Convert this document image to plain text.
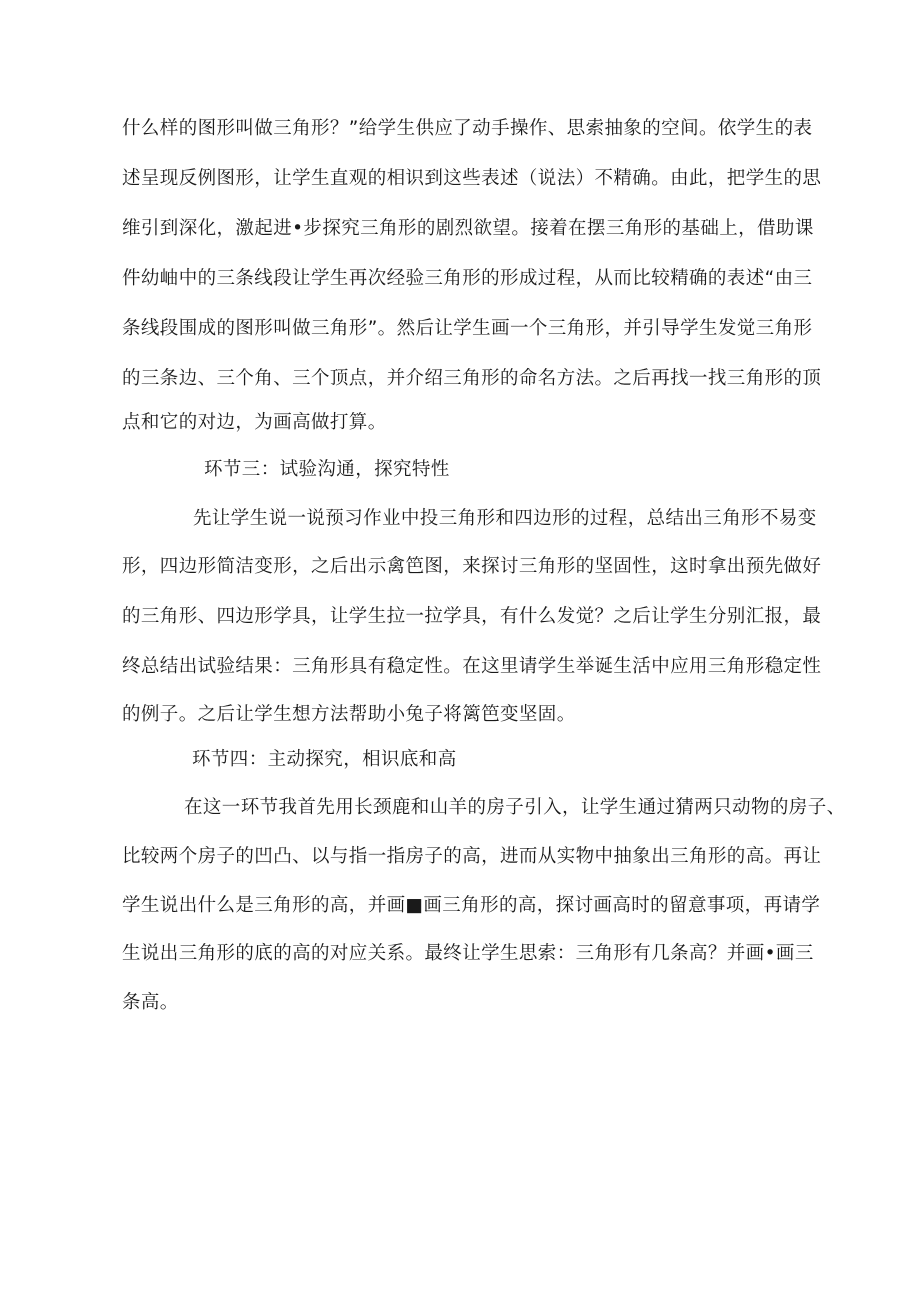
什么样的图形叫做三角形？”给学生供应了动手操作、思索抽象的空间。依学生的表
述呈现反例图形，让学生直观的相识到这些表述（说法）不精确。由此，把学生的思
维引到深化，激起进•步探究三角形的剧烈欲望。接着在摆三角形的基础上，借助课
件幼岫中的三条线段让学生再次经验三角形的形成过程，从而比较精确的表述“由三
条线段围成的图形叫做三角形”。然后让学生画一个三角形，并引导学生发觉三角形
的三条边、三个角、三个顶点，并介绍三角形的命名方法。之后再找一找三角形的顶
点和它的对边，为画高做打算。
环节三：试验沟通，探究特性
先让学生说一说预习作业中投三角形和四边形的过程，总结出三角形不易变
形，四边形简洁变形，之后出示禽笆图，来探讨三角形的坚固性，这时拿出预先做好
的三角形、四边形学具，让学生拉一拉学具，有什么发觉？之后让学生分别汇报，最
终总结出试验结果：三角形具有稳定性。在这里请学生举诞生活中应用三角形稳定性
的例子。之后让学生想方法帮助小兔子将篱笆变坚固。
环节四：主动探究，相识底和高
在这一环节我首先用长颈鹿和山羊的房子引入，让学生通过猜两只动物的房子、
比较两个房子的凹凸、以与指一指房子的高，进而从实物中抽象出三角形的高。再让
学生说出什么是三角形的高，并画■画三角形的高，探讨画高时的留意事项，再请学
生说出三角形的底的高的对应关系。最终让学生思索：三角形有几条高？并画•画三
条高。
